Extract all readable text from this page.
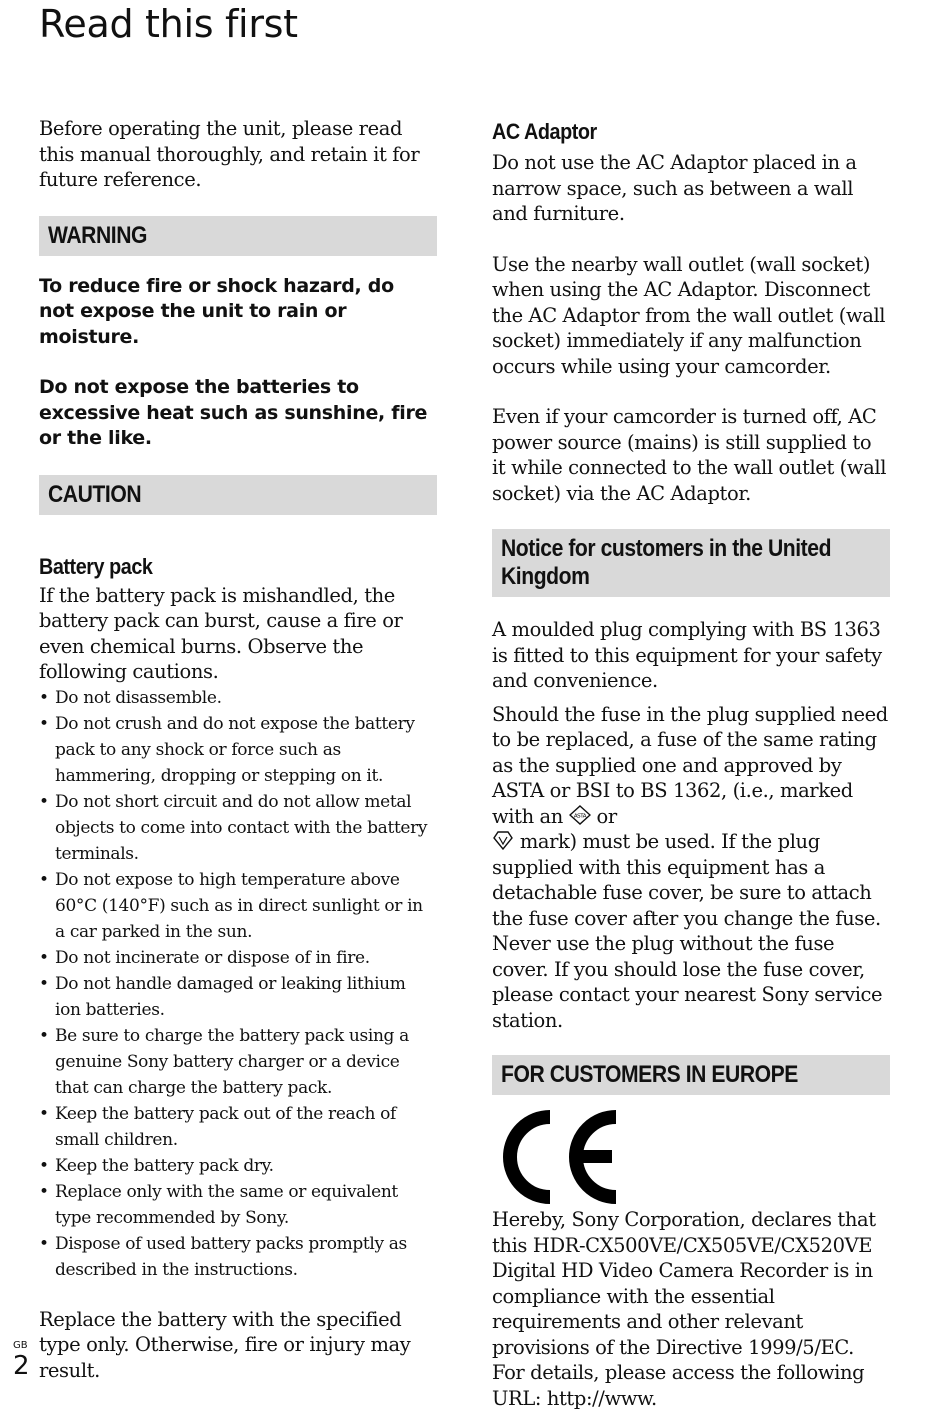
Read this first

Before operating the unit, please read this manual thoroughly, and retain it for future reference.

WARNING

To reduce fire or shock hazard, do not expose the unit to rain or moisture.

Do not expose the batteries to excessive heat such as sunshine, fire or the like.

CAUTION
Battery pack

If the battery pack is mishandled, the battery pack can burst, cause a fire or even chemical burns. Observe the following cautions.

• Do not disassemble.
• Do not crush and do not expose the battery pack to any shock or force such as hammering, dropping or stepping on it.
• Do not short circuit and do not allow metal objects to come into contact with the battery terminals.
• Do not expose to high temperature above 60°C (140°F) such as in direct sunlight or in a car parked in the sun.
• Do not incinerate or dispose of in fire.
• Do not handle damaged or leaking lithium ion batteries.
• Be sure to charge the battery pack using a genuine Sony battery charger or a device that can charge the battery pack.
• Keep the battery pack out of the reach of small children.
• Keep the battery pack dry.
• Replace only with the same or equivalent type recommended by Sony.
• Dispose of used battery packs promptly as described in the instructions.

Replace the battery with the specified type only. Otherwise, fire or injury may result.

AC Adaptor

Do not use the AC Adaptor placed in a narrow space, such as between a wall and furniture.

Use the nearby wall outlet (wall socket) when using the AC Adaptor. Disconnect the AC Adaptor from the wall outlet (wall socket) immediately if any malfunction occurs while using your camcorder.

Even if your camcorder is turned off, AC power source (mains) is still supplied to it while connected to the wall outlet (wall socket) via the AC Adaptor.

Notice for customers in the United
Kingdom

A moulded plug complying with BS 1363 is fitted to this equipment for your safety and convenience.

Should the fuse in the plug supplied need to be replaced, a fuse of the same rating as the supplied one and approved by ASTA or BSI to BS 1362, (i.e., marked with an ASTA or
mark) must be used. If the plug supplied with this equipment has a detachable fuse cover, be sure to attach the fuse cover after you change the fuse. Never use the plug without the fuse cover. If you should lose the fuse cover, please contact your nearest Sony service station.

FOR CUSTOMERS IN EUROPE

Hereby, Sony Corporation, declares that this HDR-CX500VE/CX505VE/CX520VE Digital HD Video Camera Recorder is in compliance with the essential requirements and other relevant provisions of the Directive 1999/5/EC. For details, please access the following URL: http://www.

GB
2
